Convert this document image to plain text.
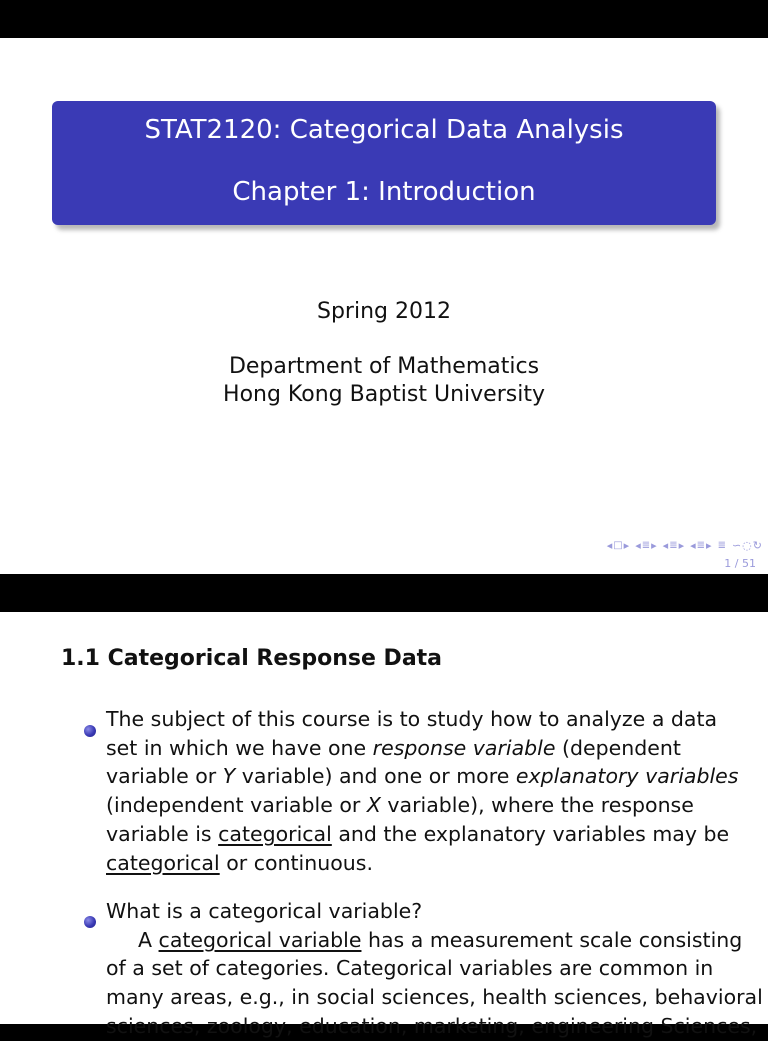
STAT2120: Categorical Data Analysis
Chapter 1: Introduction
Spring 2012
Department of Mathematics
Hong Kong Baptist University
◂ □ ▸ ◂ ≣ ▸ ◂ ≣ ▸ ◂ ≣ ▸ ≣ ∽ ◌ ↻
1 / 51
1.1 Categorical Response Data
The subject of this course is to study how to analyze a data
set in which we have one response variable (dependent
variable or Y variable) and one or more explanatory variables
(independent variable or X variable), where the response
variable is categorical and the explanatory variables may be
categorical or continuous.
What is a categorical variable?
A categorical variable has a measurement scale consisting
of a set of categories. Categorical variables are common in
many areas, e.g., in social sciences, health sciences, behavioral
sciences, zoology, education, marketing, engineering Sciences,
